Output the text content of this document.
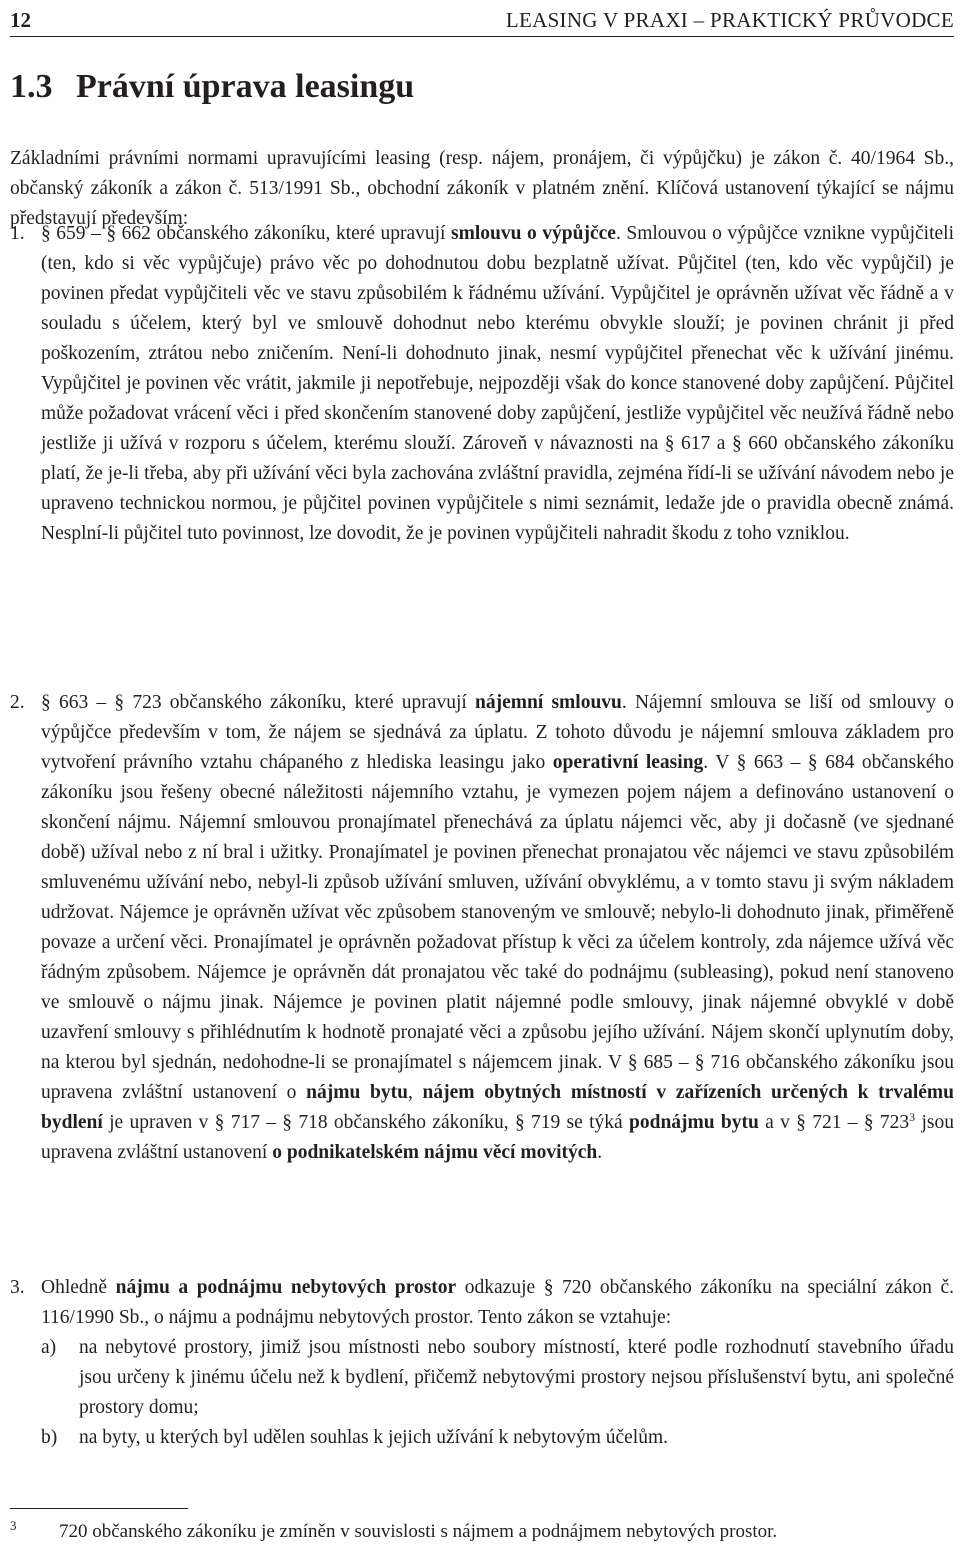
12	LEASING V PRAXI – PRAKTICKÝ PRŮVODCE
1.3 Právní úprava leasingu

Základními právními normami upravujícími leasing (resp. nájem, pronájem, či výpůjčku) je zákon č. 40/1964 Sb., občanský zákoník a zákon č. 513/1991 Sb., obchodní zákoník v platném znění. Klíčová ustanovení týkající se nájmu představují především:

1. § 659 – § 662 občanského zákoníku, které upravují smlouvu o výpůjčce. Smlouvou o výpůjčce vznikne vypůjčiteli (ten, kdo si věc vypůjčuje) právo věc po dohodnutou dobu bezplatně užívat. Půjčitel (ten, kdo věc vypůjčil) je povinen předat vypůjčiteli věc ve stavu způsobilém k řádnému užívání. Vypůjčitel je oprávněn užívat věc řádně a v souladu s účelem, který byl ve smlouvě dohodnut nebo kterému obvykle slouží; je povinen chránit ji před poškozením, ztrátou nebo zničením. Není-li dohodnuto jinak, nesmí vypůjčitel přenechat věc k užívání jinému. Vypůjčitel je povinen věc vrátit, jakmile ji nepotřebuje, nejpozději však do konce stanovené doby zapůjčení. Půjčitel může požadovat vrácení věci i před skončením stanovené doby zapůjčení, jestliže vypůjčitel věc neužívá řádně nebo jestliže ji užívá v rozporu s účelem, kterému slouží. Zároveň v návaznosti na § 617 a § 660 občanského zákoníku platí, že je-li třeba, aby při užívání věci byla zachována zvláštní pravidla, zejména řídí-li se užívání návodem nebo je upraveno technickou normou, je půjčitel povinen vypůjčitele s nimi seznámit, ledaže jde o pravidla obecně známá. Nesplní-li půjčitel tuto povinnost, lze dovodit, že je povinen vypůjčiteli nahradit škodu z toho vzniklou.

2. § 663 – § 723 občanského zákoníku, které upravují nájemní smlouvu. Nájemní smlouva se liší od smlouvy o výpůjčce především v tom, že nájem se sjednává za úplatu. Z tohoto důvodu je nájemní smlouva základem pro vytvoření právního vztahu chápaného z hlediska leasingu jako operativní leasing. V § 663 – § 684 občanského zákoníku jsou řešeny obecné náležitosti nájemního vztahu, je vymezen pojem nájem a definováno ustanovení o skončení nájmu. Nájemní smlouvou pronajímatel přenechává za úplatu nájemci věc, aby ji dočasně (ve sjednané době) užíval nebo z ní bral i užitky. Pronajímatel je povinen přenechat pronajatou věc nájemci ve stavu způsobilém smluvenému užívání nebo, nebyl-li způsob užívání smluven, užívání obvyklému, a v tomto stavu ji svým nákladem udržovat. Nájemce je oprávněn užívat věc způsobem stanoveným ve smlouvě; nebylo-li dohodnuto jinak, přiměřeně povaze a určení věci. Pronajímatel je oprávněn požadovat přístup k věci za účelem kontroly, zda nájemce užívá věc řádným způsobem. Nájemce je oprávněn dát pronajatou věc také do podnájmu (subleasing), pokud není stanoveno ve smlouvě o nájmu jinak. Nájemce je povinen platit nájemné podle smlouvy, jinak nájemné obvyklé v době uzavření smlouvy s přihlédnutím k hodnotě pronajaté věci a způsobu jejího užívání. Nájem skončí uplynutím doby, na kterou byl sjednán, nedohodne-li se pronajímatel s nájemcem jinak. V § 685 – § 716 občanského zákoníku jsou upravena zvláštní ustanovení o nájmu bytu, nájem obytných místností v zařízeních určených k trvalému bydlení je upraven v § 717 – § 718 občanského zákoníku, § 719 se týká podnájmu bytu a v § 721 – § $723^3$ jsou upravena zvláštní ustanovení o podnikatelském nájmu věcí movitých.

3. Ohledně nájmu a podnájmu nebytových prostor odkazuje § 720 občanského zákoníku na speciální zákon č. 116/1990 Sb., o nájmu a podnájmu nebytových prostor. Tento zákon se vztahuje:

a) na nebytové prostory, jimiž jsou místnosti nebo soubory místností, které podle rozhodnutí stavebního úřadu jsou určeny k jinému účelu než k bydlení, přičemž nebytovými prostory nejsou příslušenství bytu, ani společné prostory domu;

b) na byty, u kterých byl udělen souhlas k jejich užívání k nebytovým účelům.

3 720 občanského zákoníku je zmíněn v souvislosti s nájmem a podnájmem nebytových prostor.
